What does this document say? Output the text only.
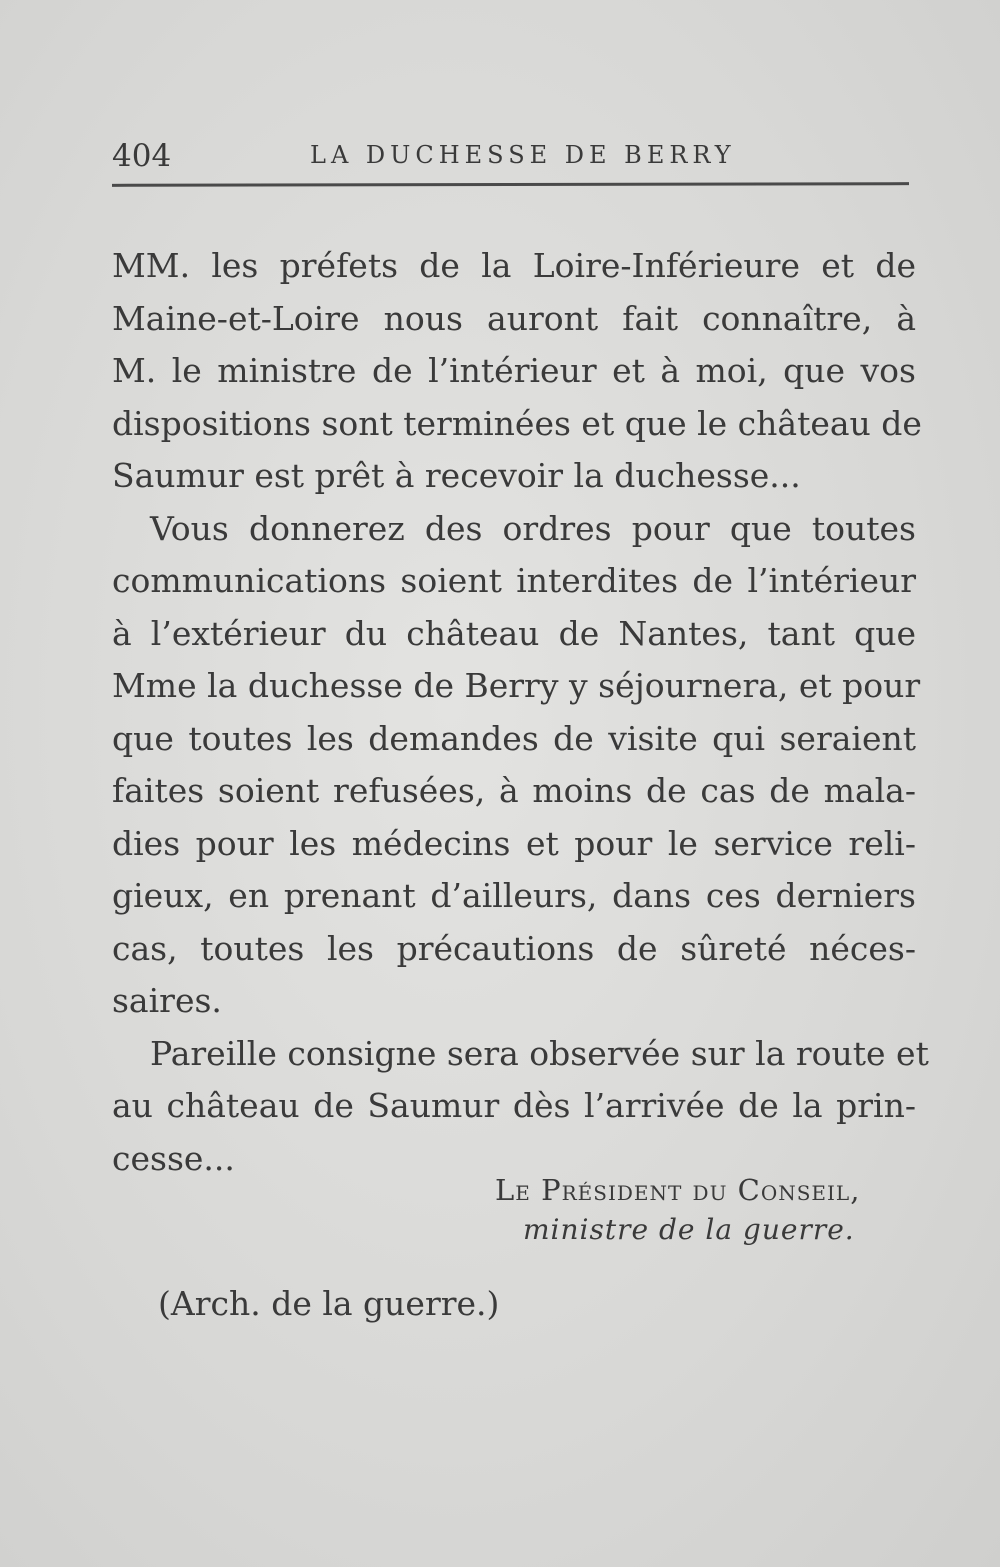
404	LA DUCHESSE DE BERRY
MM. les préfets de la Loire-Inférieure et de
Maine-et-Loire nous auront fait connaître, à
M. le ministre de l’intérieur et à moi, que vos
dispositions sont terminées et que le château de
Saumur est prêt à recevoir la duchesse...
Vous donnerez des ordres pour que toutes
communications soient interdites de l’intérieur
à l’extérieur du château de Nantes, tant que
Mme la duchesse de Berry y séjournera, et pour
que toutes les demandes de visite qui seraient
faites soient refusées, à moins de cas de mala-
dies pour les médecins et pour le service reli-
gieux, en prenant d’ailleurs, dans ces derniers
cas, toutes les précautions de sûreté néces-
saires.
Pareille consigne sera observée sur la route et
au château de Saumur dès l’arrivée de la prin-
cesse...
Le Président du Conseil,
ministre de la guerre.
(Arch. de la guerre.)
